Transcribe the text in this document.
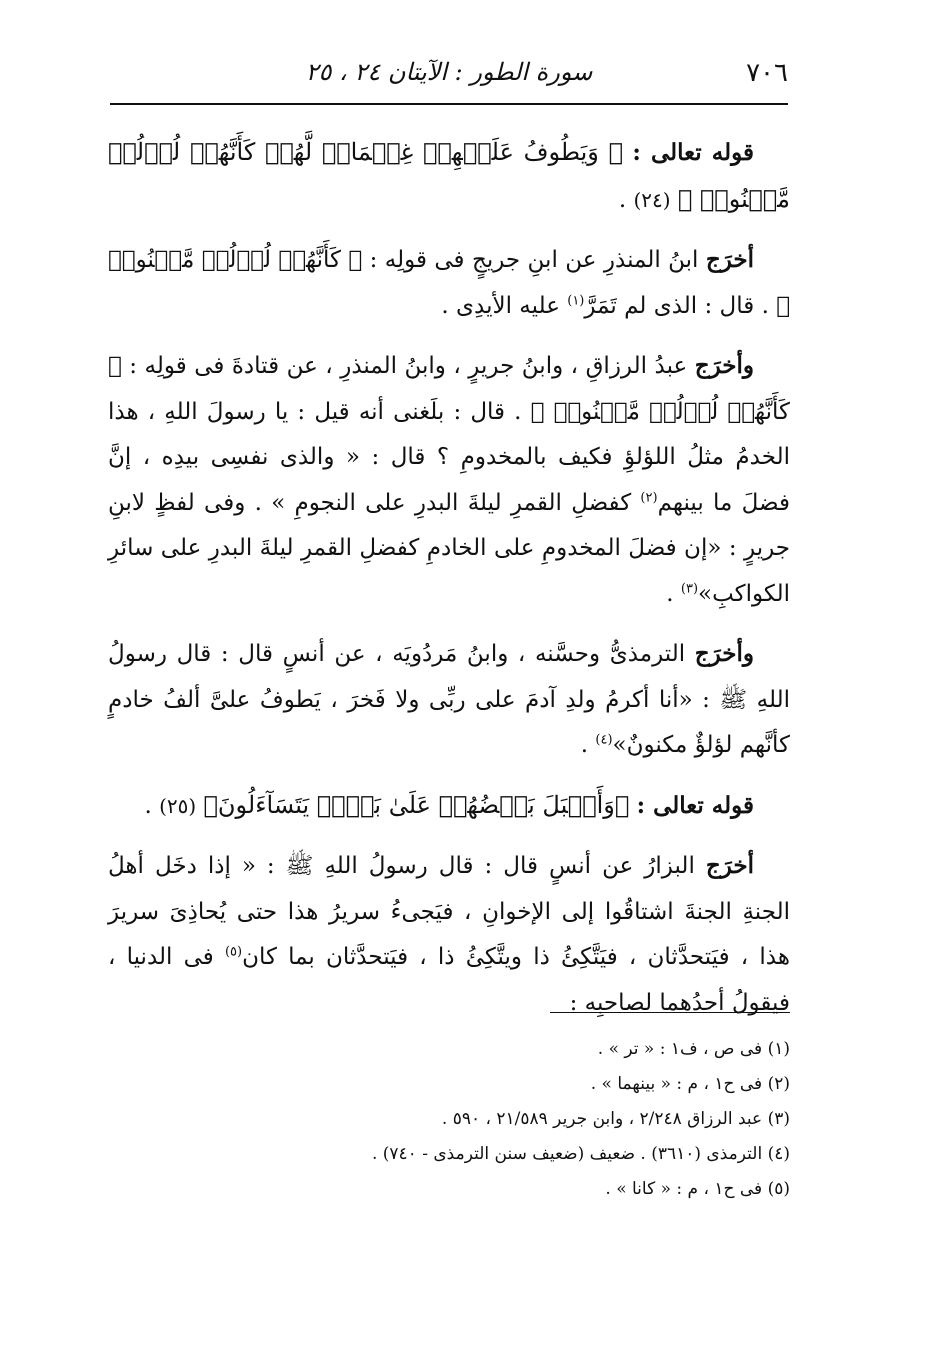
٧٠٦
سورة الطور : الآيتان ٢٤ ، ٢٥

قوله تعالى : ﴿ وَيَطُوفُ عَلَيۡهِمۡ غِلۡمَانٞ لَّهُمۡ كَأَنَّهُمۡ لُؤۡلُؤٞ مَّكۡنُونٞ ﴾ (٢٤) .

أخرَج ابنُ المنذرِ عن ابنِ جريجٍ فى قولِه : ﴿ كَأَنَّهُمۡ لُؤۡلُؤٞ مَّكۡنُونٞ ﴾ . قال : الذى لم تَمَرَّ$^{(١)}$ عليه الأيدِى .

وأخرَج عبدُ الرزاقِ ، وابنُ جريرٍ ، وابنُ المنذرِ ، عن قتادةَ فى قولِه : ﴿ كَأَنَّهُمۡ لُؤۡلُؤٞ مَّكۡنُونٞ ﴾ . قال : بلَغنى أنه قيل : يا رسولَ اللهِ ، هذا الخدمُ مثلُ اللؤلؤِ فكيف بالمخدومِ ؟ قال : « والذى نفسِى بيدِه ، إنَّ فضلَ ما بينهم$^{(٢)}$ كفضلِ القمرِ ليلةَ البدرِ على النجومِ » . وفى لفظٍ لابنِ جريرٍ : «إن فضلَ المخدومِ على الخادمِ كفضلِ القمرِ ليلةَ البدرِ على سائرِ الكواكبِ»$^{(٣)}$ .

وأخرَج الترمذىُّ وحسَّنه ، وابنُ مَردُويَه ، عن أنسٍ قال : قال رسولُ اللهِ ﷺ : «أنا أكرمُ ولدِ آدمَ على ربِّى ولا فَخرَ ، يَطوفُ علىَّ ألفُ خادمٍ كأنَّهم لؤلؤٌ مكنونٌ»$^{(٤)}$ .

قوله تعالى : ﴿وَأَقۡبَلَ بَعۡضُهُمۡ عَلَىٰ بَعۡضٖ يَتَسَآءَلُونَ﴾ (٢٥) .

أخرَج البزارُ عن أنسٍ قال : قال رسولُ اللهِ ﷺ : « إذا دخَل أهلُ الجنةِ الجنةَ اشتاقُوا إلى الإخوانِ ، فيَجىءُ سريرُ هذا حتى يُحاذِىَ سريرَ هذا ، فيَتحدَّثان ، فيَتَّكِئُ ذا ويتَّكِئُ ذا ، فيَتحدَّثان بما كان$^{(٥)}$ فى الدنيا ، فيقولُ أحدُهما لصاحبِه :

(١) فى ص ، ف١ : « تر » .
(٢) فى ح١ ، م : « بينهما » .
(٣) عبد الرزاق ٢/٢٤٨ ، وابن جرير ٢١/٥٨٩ ، ٥٩٠ .
(٤) الترمذى (٣٦١٠) . ضعيف (ضعيف سنن الترمذى - ٧٤٠) .
(٥) فى ح١ ، م : « كانا » .
